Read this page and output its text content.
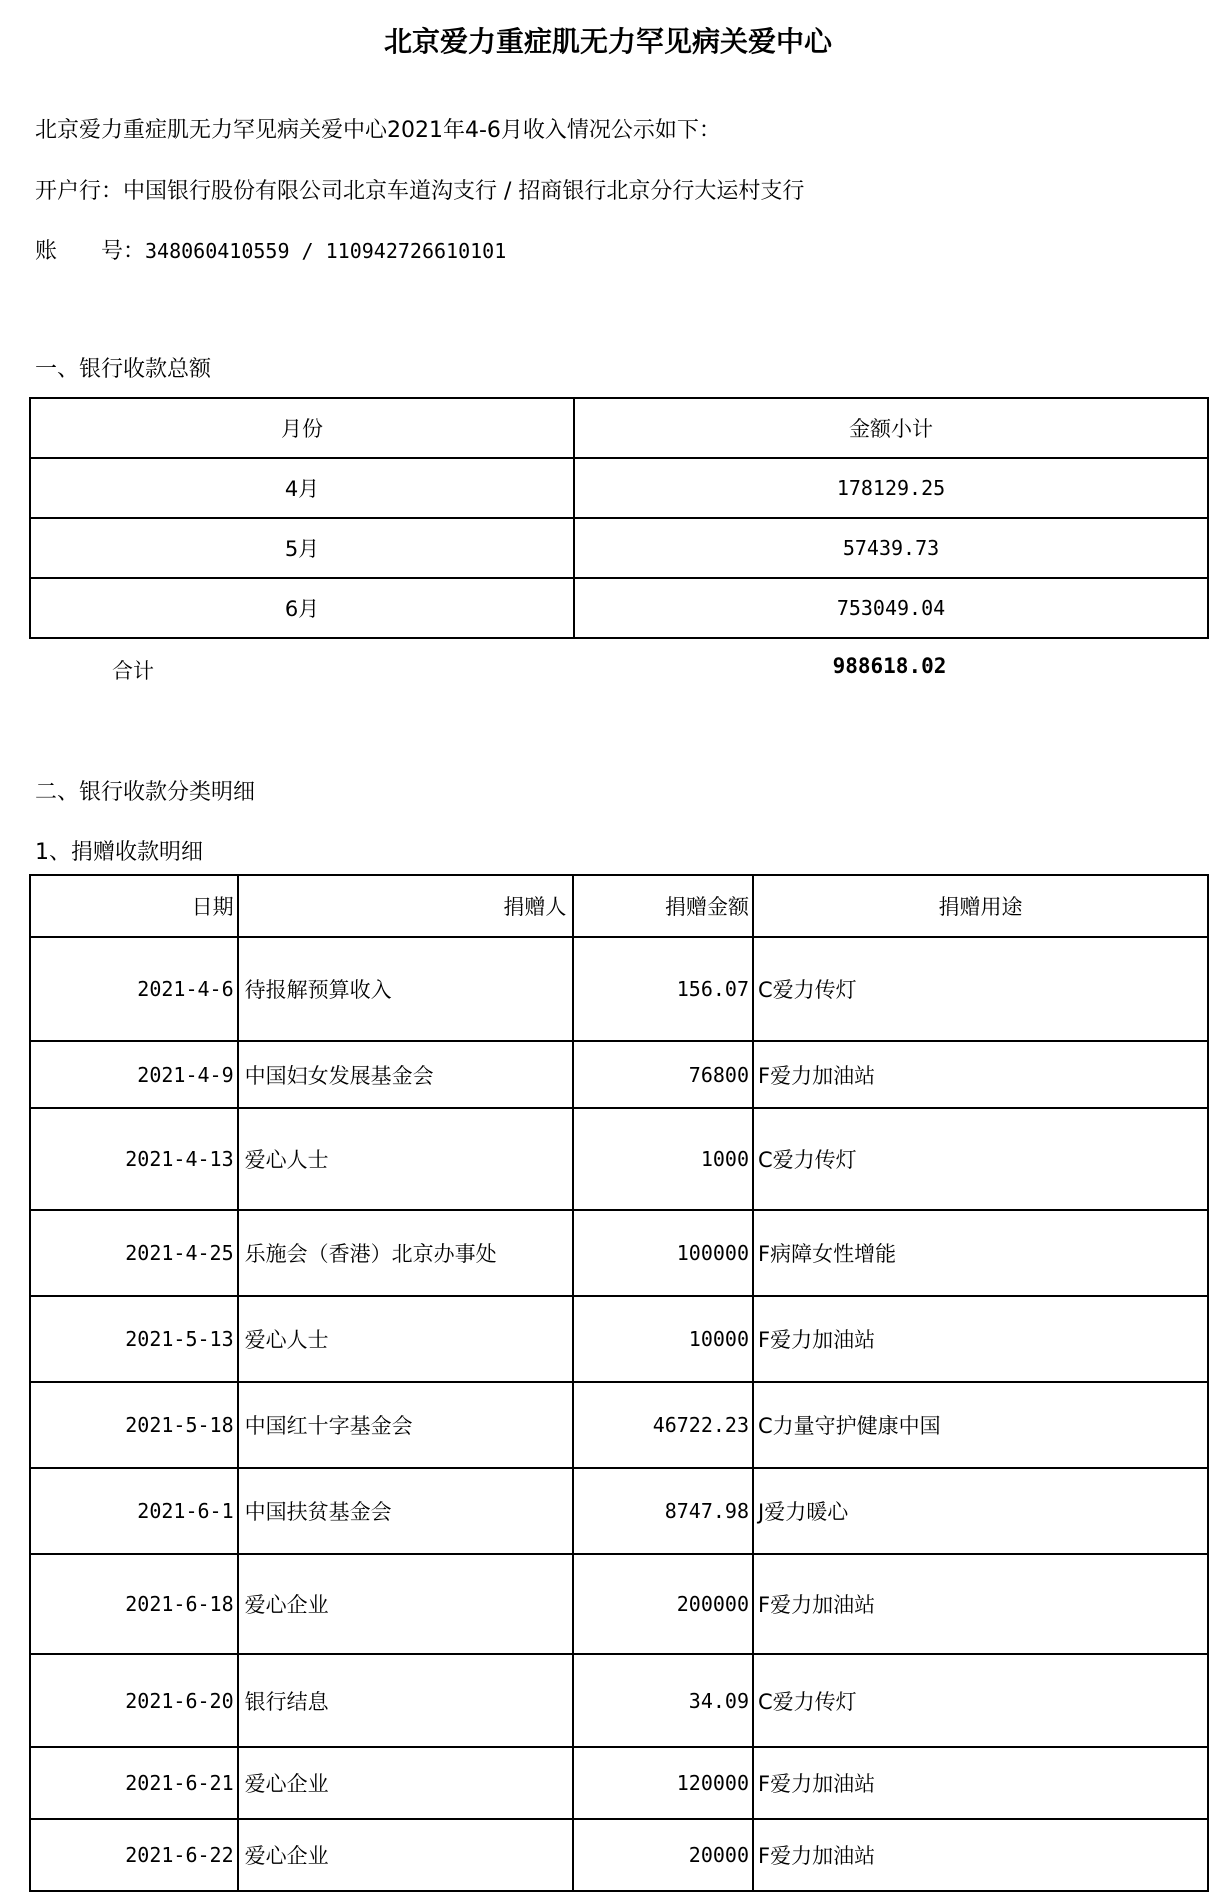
北京爱力重症肌无力罕见病关爱中心
北京爱力重症肌无力罕见病关爱中心2021年4-6月收入情况公示如下：
开户行：中国银行股份有限公司北京车道沟支行 / 招商银行北京分行大运村支行
账　　号：348060410559 / 110942726610101
一、银行收款总额
月份	金额小计
4月	178129.25
5月	57439.73
6月	753049.04
合计	988618.02
二、银行收款分类明细
1、捐赠收款明细
日期	捐赠人	捐赠金额	捐赠用途
2021-4-6	待报解预算收入	156.07	C爱力传灯
2021-4-9	中国妇女发展基金会	76800	F爱力加油站
2021-4-13	爱心人士	1000	C爱力传灯
2021-4-25	乐施会（香港）北京办事处	100000	F病障女性增能
2021-5-13	爱心人士	10000	F爱力加油站
2021-5-18	中国红十字基金会	46722.23	C力量守护健康中国
2021-6-1	中国扶贫基金会	8747.98	J爱力暖心
2021-6-18	爱心企业	200000	F爱力加油站
2021-6-20	银行结息	34.09	C爱力传灯
2021-6-21	爱心企业	120000	F爱力加油站
2021-6-22	爱心企业	20000	F爱力加油站
